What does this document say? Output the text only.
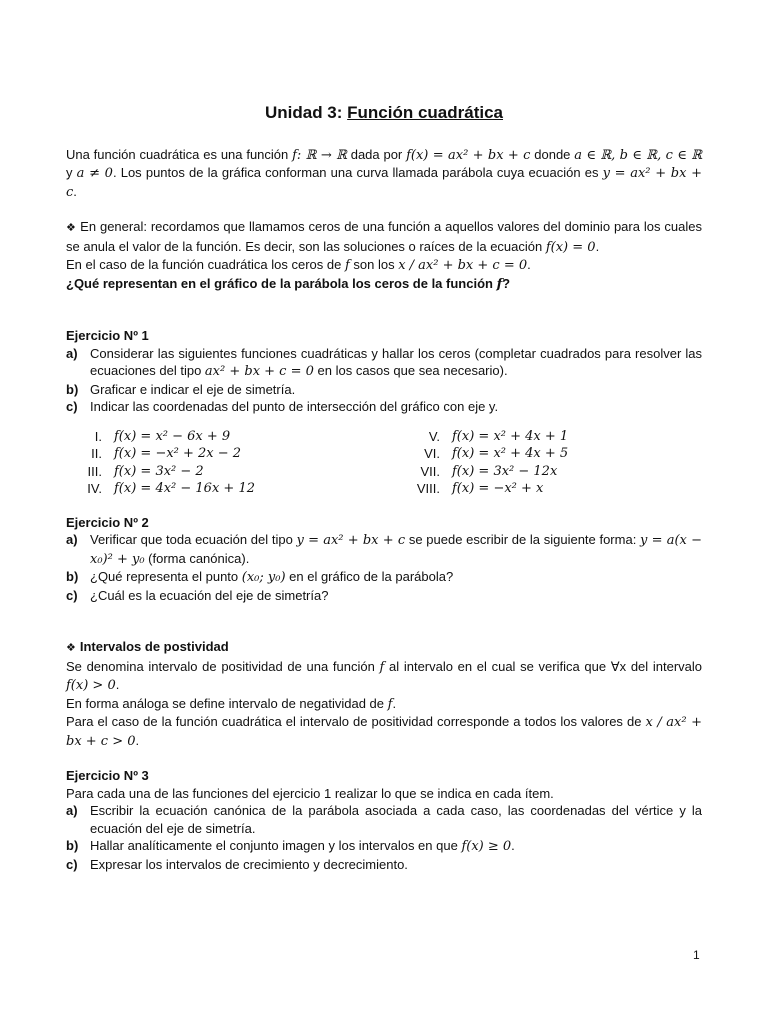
Unidad 3: Función cuadrática

Una función cuadrática es una función f: ℝ → ℝ dada por f(x) = ax² + bx + c donde a ∈ ℝ, b ∈ ℝ, c ∈ ℝ y a ≠ 0. Los puntos de la gráfica conforman una curva llamada parábola cuya ecuación es y = ax² + bx + c.

❖ En general: recordamos que llamamos ceros de una función a aquellos valores del dominio para los cuales se anula el valor de la función. Es decir, son las soluciones o raíces de la ecuación f(x) = 0.

En el caso de la función cuadrática los ceros de f son los x / ax² + bx + c = 0.

¿Qué representan en el gráfico de la parábola los ceros de la función f?

Ejercicio Nº 1
a) Considerar las siguientes funciones cuadráticas y hallar los ceros (completar cuadrados para resolver las ecuaciones del tipo ax² + bx + c = 0 en los casos que sea necesario).
b) Graficar e indicar el eje de simetría.
c) Indicar las coordenadas del punto de intersección del gráfico con eje y.
I. f(x) = x² − 6x + 9	V. f(x) = x² + 4x + 1
II. f(x) = −x² + 2x − 2	VI. f(x) = x² + 4x + 5
III. f(x) = 3x² − 2	VII. f(x) = 3x² − 12x
IV. f(x) = 4x² − 16x + 12	VIII. f(x) = −x² + x
Ejercicio Nº 2
a) Verificar que toda ecuación del tipo y = ax² + bx + c se puede escribir de la siguiente forma: y = a(x − x₀)² + y₀ (forma canónica).
b) ¿Qué representa el punto (x₀; y₀) en el gráfico de la parábola?
c) ¿Cuál es la ecuación del eje de simetría?
❖ Intervalos de postividad

Se denomina intervalo de positividad de una función f al intervalo en el cual se verifica que ∀x del intervalo f(x) > 0.

En forma análoga se define intervalo de negatividad de f.

Para el caso de la función cuadrática el intervalo de positividad corresponde a todos los valores de x / ax² + bx + c > 0.

Ejercicio Nº 3

Para cada una de las funciones del ejercicio 1 realizar lo que se indica en cada ítem.

a) Escribir la ecuación canónica de la parábola asociada a cada caso, las coordenadas del vértice y la ecuación del eje de simetría.
b) Hallar analíticamente el conjunto imagen y los intervalos en que f(x) ≥ 0.
c) Expresar los intervalos de crecimiento y decrecimiento.
1
